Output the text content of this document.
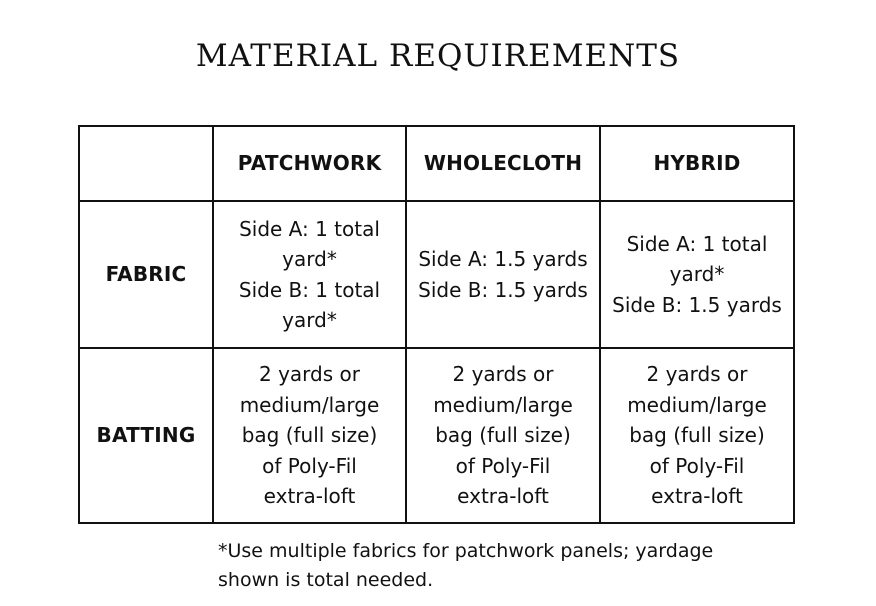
MATERIAL REQUIREMENTS
	PATCHWORK	WHOLECLOTH	HYBRID
FABRIC	Side A: 1 total
yard*
Side B: 1 total
yard*	Side A: 1.5 yards
Side B: 1.5 yards	Side A: 1 total
yard*
Side B: 1.5 yards
BATTING	2 yards or
medium/large
bag (full size)
of Poly-Fil
extra-loft	2 yards or
medium/large
bag (full size)
of Poly-Fil
extra-loft	2 yards or
medium/large
bag (full size)
of Poly-Fil
extra-loft
*Use multiple fabrics for patchwork panels; yardage
shown is total needed.
